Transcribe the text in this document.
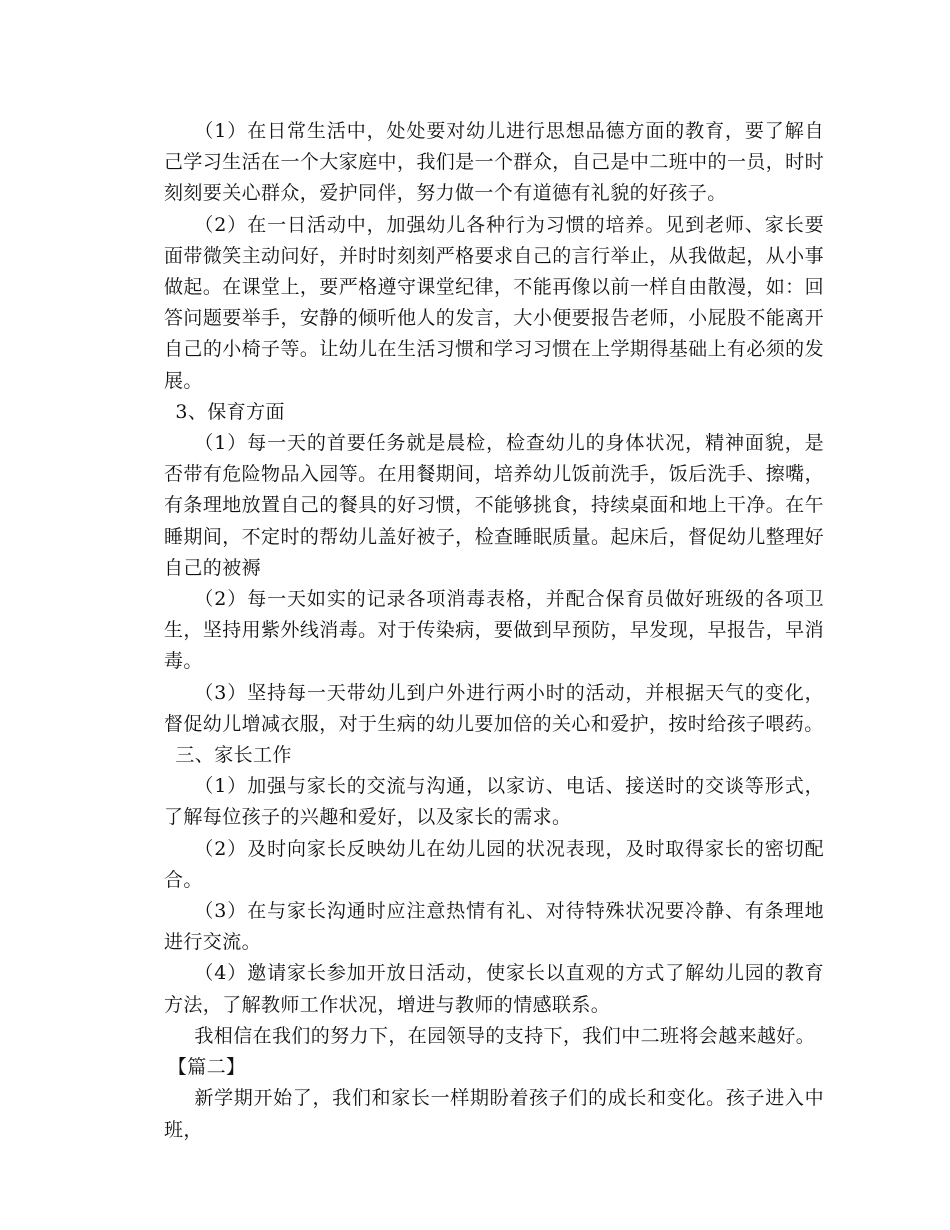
（1）在日常生活中，处处要对幼儿进行思想品德方面的教育，要了解自己学习生活在一个大家庭中，我们是一个群众，自己是中二班中的一员，时时刻刻要关心群众，爱护同伴，努力做一个有道德有礼貌的好孩子。

（2）在一日活动中，加强幼儿各种行为习惯的培养。见到老师、家长要面带微笑主动问好，并时时刻刻严格要求自己的言行举止，从我做起，从小事做起。在课堂上，要严格遵守课堂纪律，不能再像以前一样自由散漫，如：回答问题要举手，安静的倾听他人的发言，大小便要报告老师，小屁股不能离开自己的小椅子等。让幼儿在生活习惯和学习习惯在上学期得基础上有必须的发展。

3、保育方面

（1）每一天的首要任务就是晨检，检查幼儿的身体状况，精神面貌，是否带有危险物品入园等。在用餐期间，培养幼儿饭前洗手，饭后洗手、擦嘴，有条理地放置自己的餐具的好习惯，不能够挑食，持续桌面和地上干净。在午睡期间，不定时的帮幼儿盖好被子，检查睡眠质量。起床后，督促幼儿整理好自己的被褥

（2）每一天如实的记录各项消毒表格，并配合保育员做好班级的各项卫生，坚持用紫外线消毒。对于传染病，要做到早预防，早发现，早报告，早消毒。

（3）坚持每一天带幼儿到户外进行两小时的活动，并根据天气的变化，督促幼儿增减衣服，对于生病的幼儿要加倍的关心和爱护，按时给孩子喂药。

三、家长工作

（1）加强与家长的交流与沟通，以家访、电话、接送时的交谈等形式，了解每位孩子的兴趣和爱好，以及家长的需求。

（2）及时向家长反映幼儿在幼儿园的状况表现，及时取得家长的密切配合。

（3）在与家长沟通时应注意热情有礼、对待特殊状况要冷静、有条理地进行交流。

（4）邀请家长参加开放日活动，使家长以直观的方式了解幼儿园的教育方法，了解教师工作状况，增进与教师的情感联系。

我相信在我们的努力下，在园领导的支持下，我们中二班将会越来越好。

【篇二】

新学期开始了，我们和家长一样期盼着孩子们的成长和变化。孩子进入中班，
